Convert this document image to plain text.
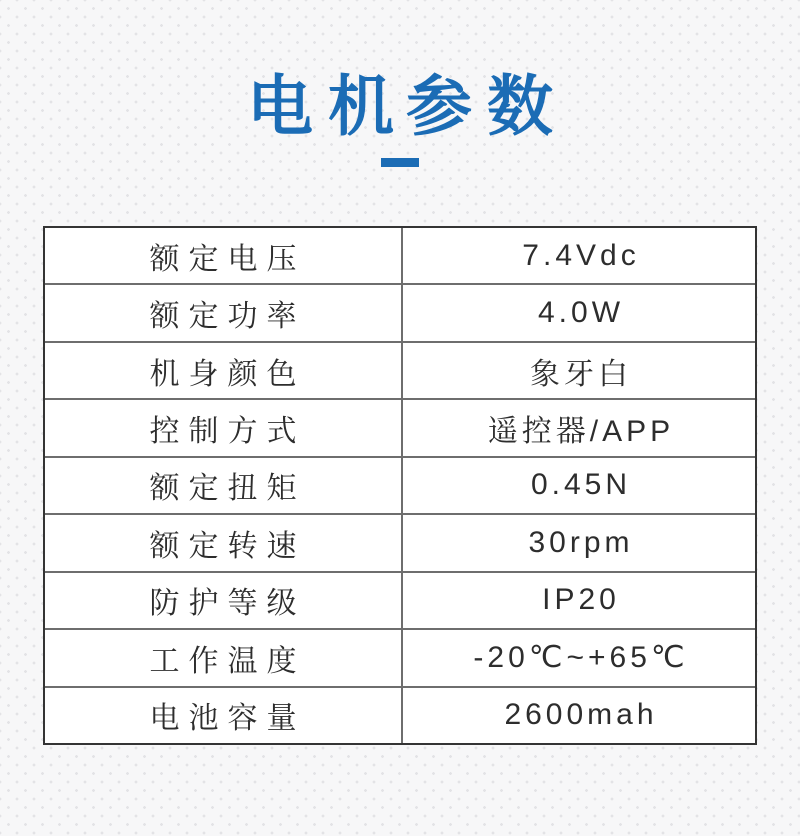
电机
参数
额定电压	7.4Vdc
额定功率	4.0W
机身颜色	象牙白
控制方式	遥控器/APP
额定扭矩	0.45N
额定转速	30rpm
防护等级	IP20
工作温度	-20℃~+65℃
电池容量	2600mah
